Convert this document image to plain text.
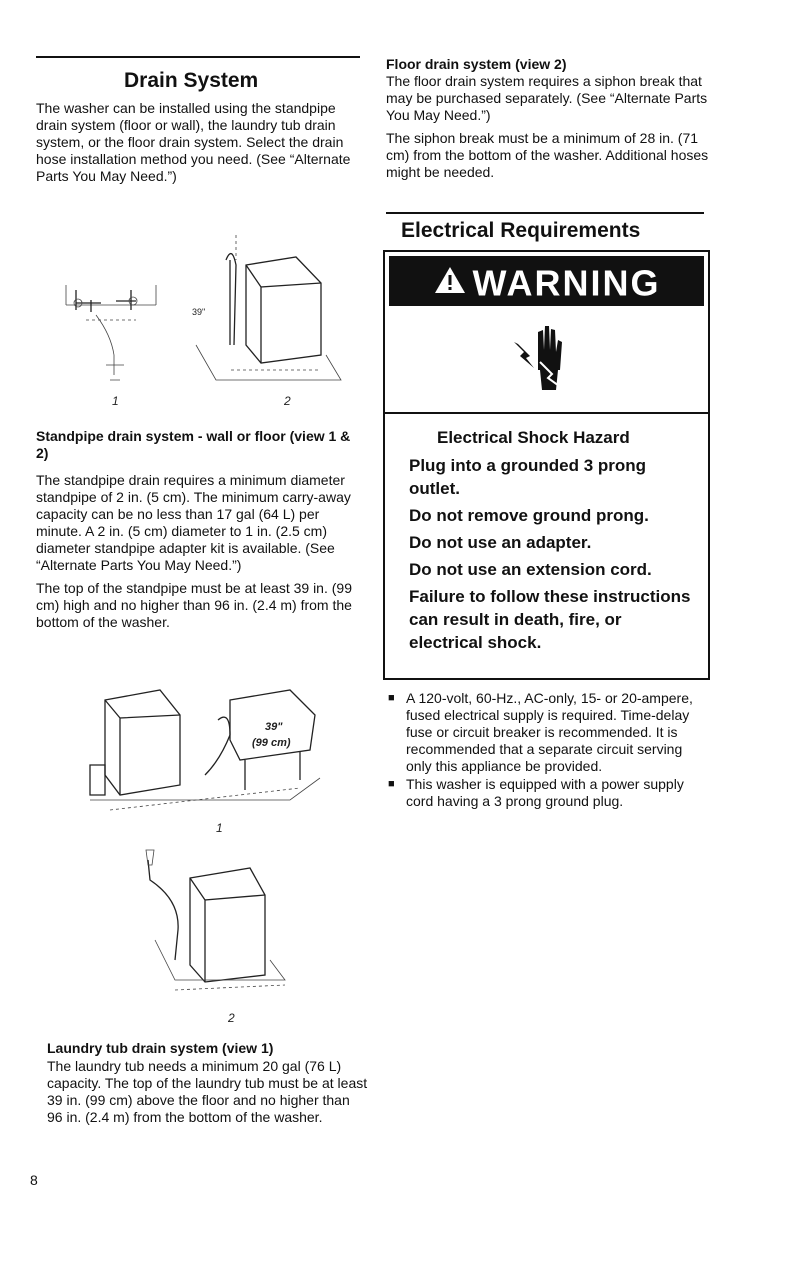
Drain System

The washer can be installed using the standpipe drain system (floor or wall), the laundry tub drain system, or the floor drain system. Select the drain hose installation method you need. (See “Alternate Parts You May Need.”)

1
39"
2
Standpipe drain system - wall or floor (view 1 & 2)

The standpipe drain requires a minimum diameter standpipe of 2 in. (5 cm). The minimum carry-away capacity can be no less than 17 gal (64 L) per minute. A 2 in. (5 cm) diameter to 1 in. (2.5 cm) diameter standpipe adapter kit is available. (See “Alternate Parts You May Need.”)

The top of the standpipe must be at least 39 in. (99 cm) high and no higher than 96 in. (2.4 m) from the bottom of the washer.

39"
(99 cm)
1
2
Laundry tub drain system (view 1)

The laundry tub needs a minimum 20 gal (76 L) capacity. The top of the laundry tub must be at least 39 in. (99 cm) above the floor and no higher than 96 in. (2.4 m) from the bottom of the washer.

8
Floor drain system (view 2)

The floor drain system requires a siphon break that may be purchased separately. (See “Alternate Parts You May Need.”)

The siphon break must be a minimum of 28 in. (71 cm) from the bottom of the washer. Additional hoses might be needed.

Electrical Requirements
WARNING
Electrical Shock Hazard
Plug into a grounded 3 prong outlet.
Do not remove ground prong.
Do not use an adapter.
Do not use an extension cord.
Failure to follow these instructions can result in death, fire, or electrical shock.
■ A 120-volt, 60-Hz., AC-only, 15- or 20-ampere, fused electrical supply is required. Time-delay fuse or circuit breaker is recommended. It is recommended that a separate circuit serving only this appliance be provided.
■ This washer is equipped with a power supply cord having a 3 prong ground plug.
